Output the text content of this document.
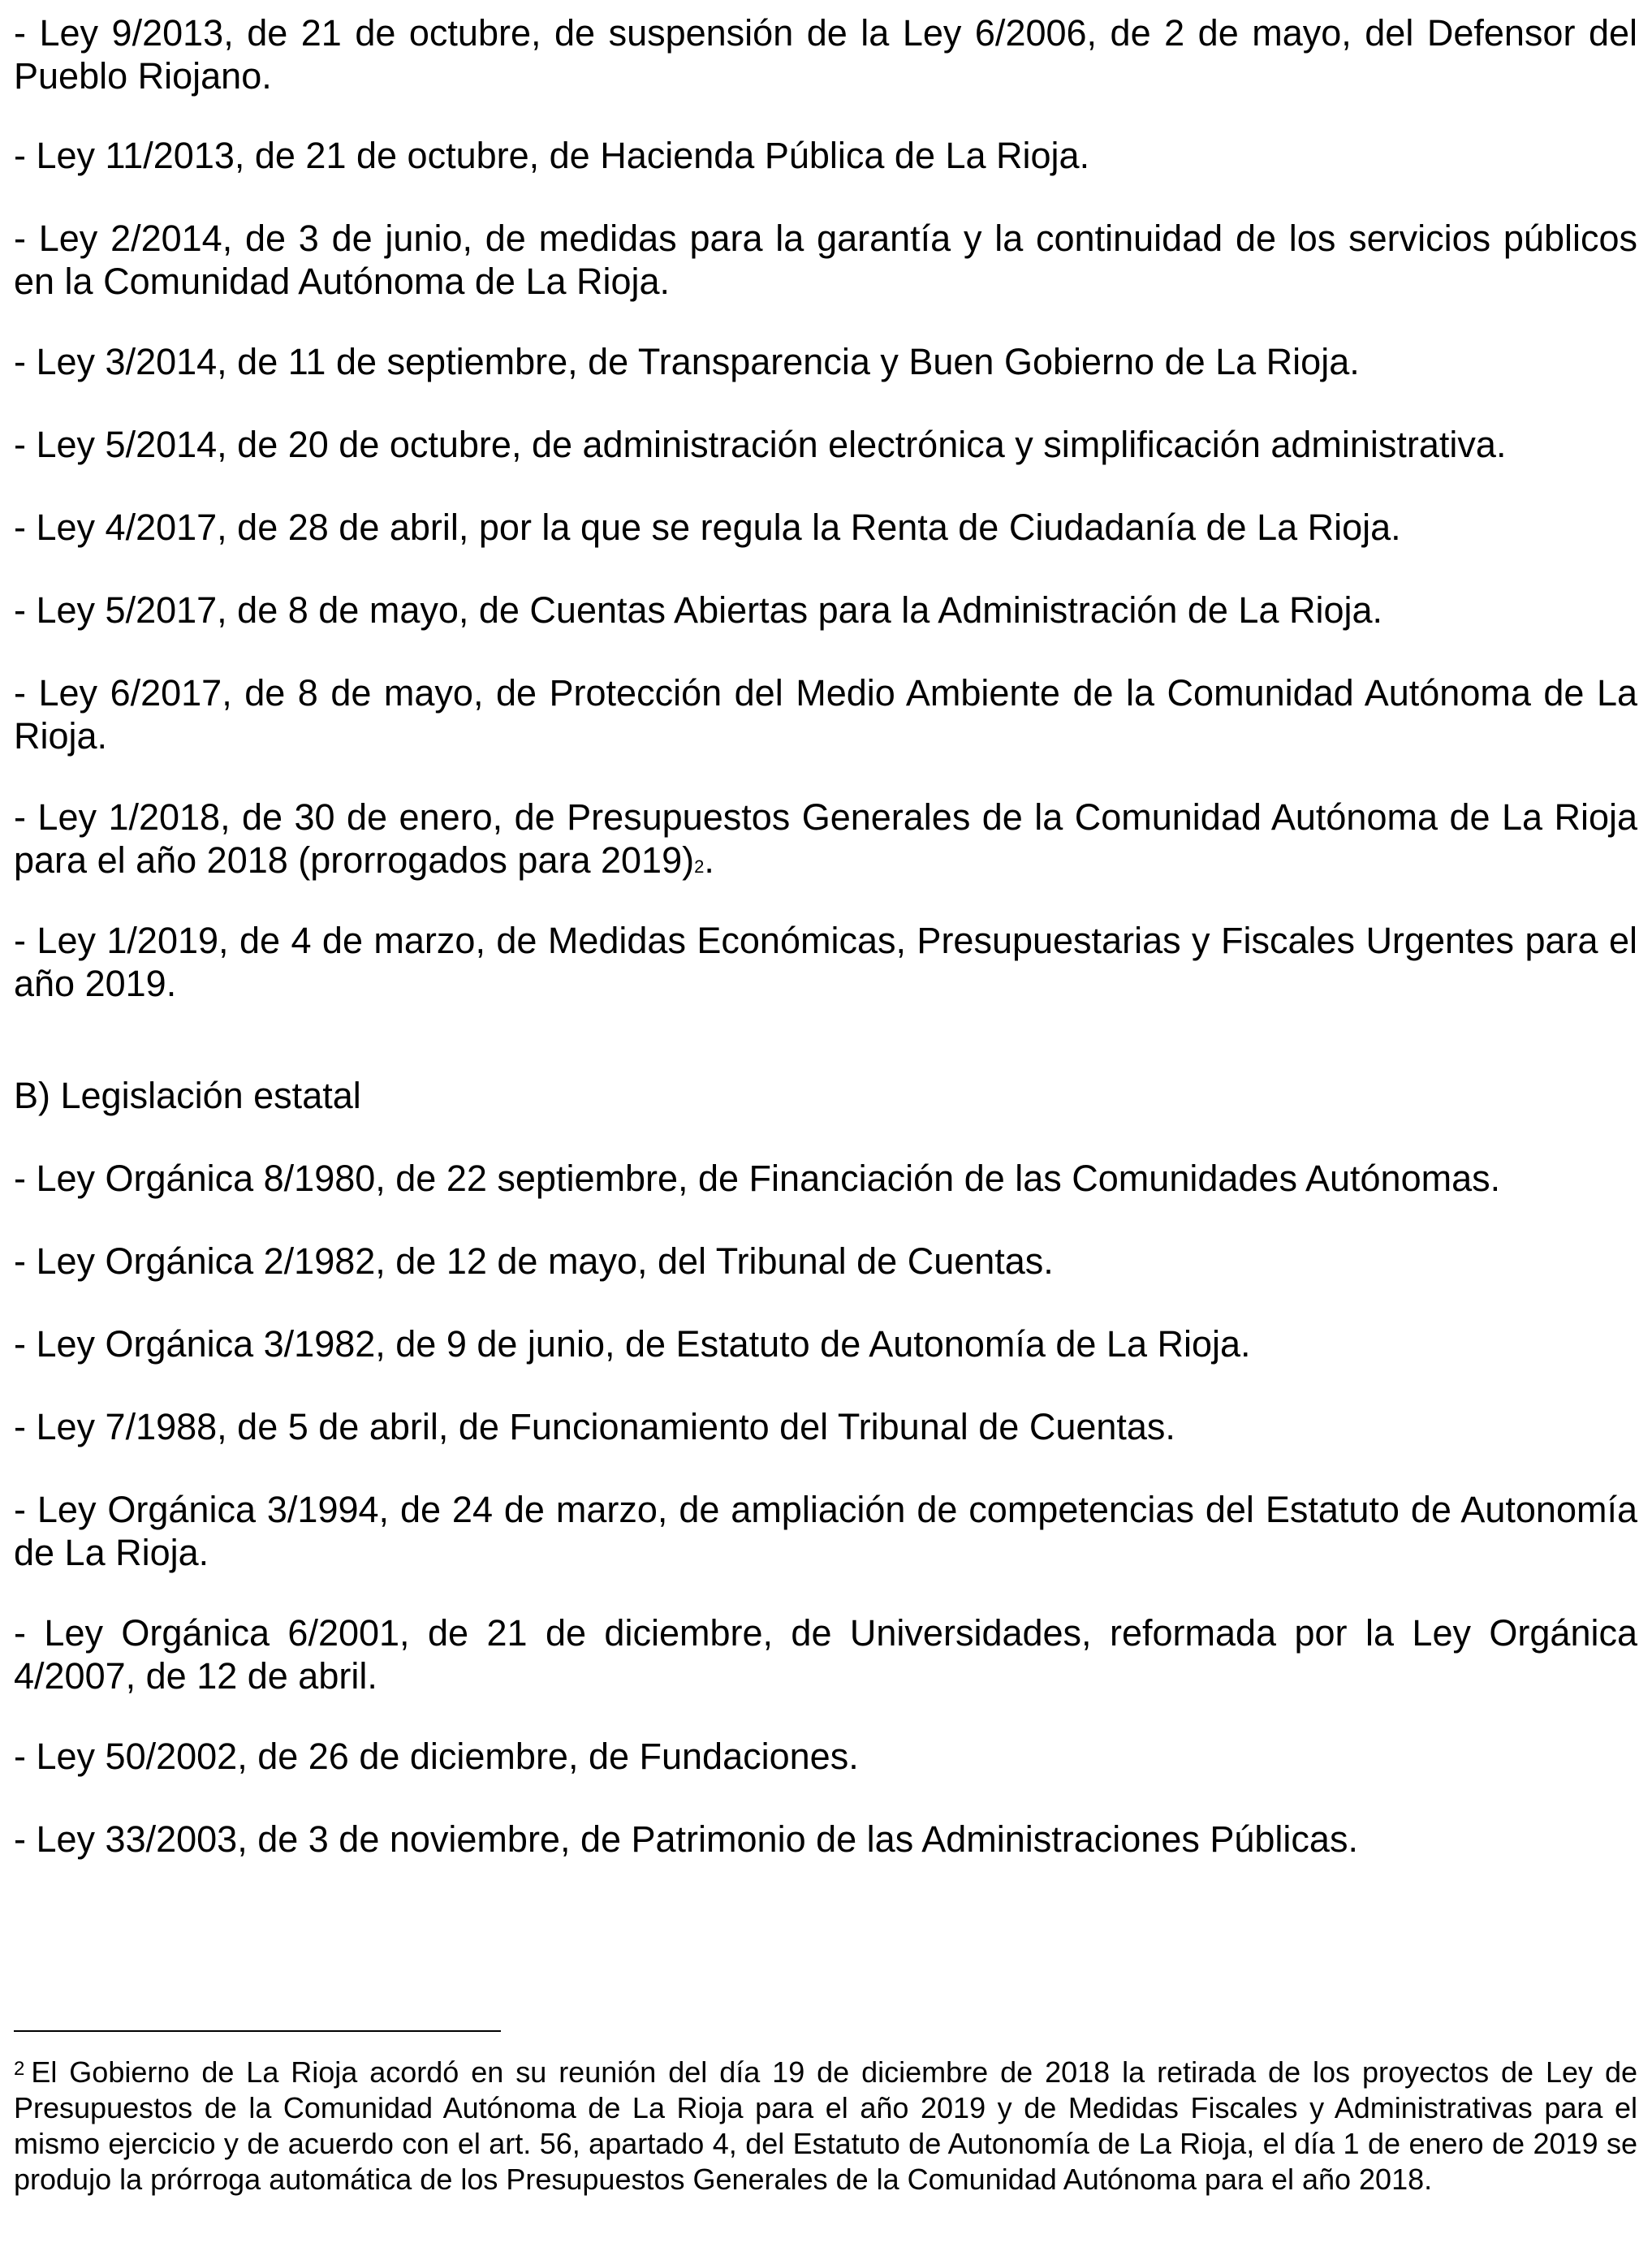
- Ley 9/2013, de 21 de octubre, de suspensión de la Ley 6/2006, de 2 de mayo, del Defensor del Pueblo Riojano.

- Ley 11/2013, de 21 de octubre, de Hacienda Pública de La Rioja.

- Ley 2/2014, de 3 de junio, de medidas para la garantía y la continuidad de los servicios públicos en la Comunidad Autónoma de La Rioja.

- Ley 3/2014, de 11 de septiembre, de Transparencia y Buen Gobierno de La Rioja.

- Ley 5/2014, de 20 de octubre, de administración electrónica y simplificación administrativa.

- Ley 4/2017, de 28 de abril, por la que se regula la Renta de Ciudadanía de La Rioja.

- Ley 5/2017, de 8 de mayo, de Cuentas Abiertas para la Administración de La Rioja.

- Ley 6/2017, de 8 de mayo, de Protección del Medio Ambiente de la Comunidad Autónoma de La Rioja.

- Ley 1/2018, de 30 de enero, de Presupuestos Generales de la Comunidad Autónoma de La Rioja para el año 2018 (prorrogados para 2019)$^2$.

- Ley 1/2019, de 4 de marzo, de Medidas Económicas, Presupuestarias y Fiscales Urgentes para el año 2019.

B) Legislación estatal

- Ley Orgánica 8/1980, de 22 septiembre, de Financiación de las Comunidades Autónomas.

- Ley Orgánica 2/1982, de 12 de mayo, del Tribunal de Cuentas.

- Ley Orgánica 3/1982, de 9 de junio, de Estatuto de Autonomía de La Rioja.

- Ley 7/1988, de 5 de abril, de Funcionamiento del Tribunal de Cuentas.

- Ley Orgánica 3/1994, de 24 de marzo, de ampliación de competencias del Estatuto de Autonomía de La Rioja.

- Ley Orgánica 6/2001, de 21 de diciembre, de Universidades, reformada por la Ley Orgánica 4/2007, de 12 de abril.

- Ley 50/2002, de 26 de diciembre, de Fundaciones.

- Ley 33/2003, de 3 de noviembre, de Patrimonio de las Administraciones Públicas.

$^2$ El Gobierno de La Rioja acordó en su reunión del día 19 de diciembre de 2018 la retirada de los proyectos de Ley de Presupuestos de la Comunidad Autónoma de La Rioja para el año 2019 y de Medidas Fiscales y Administrativas para el mismo ejercicio y de acuerdo con el art. 56, apartado 4, del Estatuto de Autonomía de La Rioja, el día 1 de enero de 2019 se produjo la prórroga automática de los Presupuestos Generales de la Comunidad Autónoma para el año 2018.
